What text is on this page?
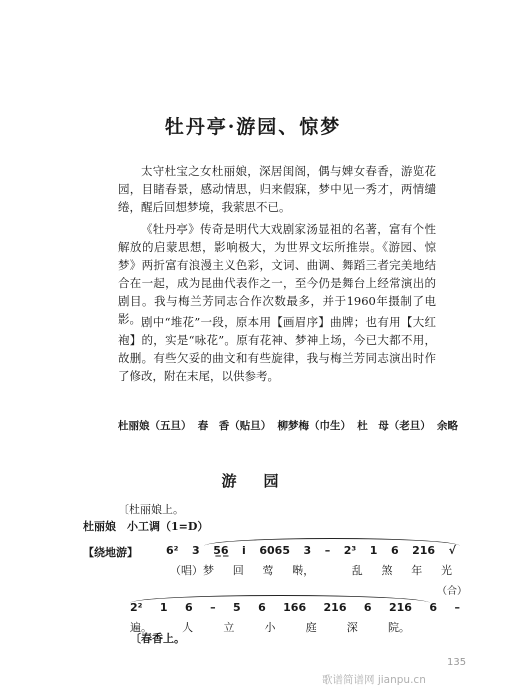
牡丹亭·游园、惊梦

太守杜宝之女杜丽娘，深居闺阁，偶与婢女春香，游览花园，目睹春景，感动情思，归来假寐，梦中见一秀才，两情缱绻，醒后回想梦境，我萦思不已。

《牡丹亭》传奇是明代大戏剧家汤显祖的名著，富有个性解放的启蒙思想，影响极大，为世界文坛所推崇。《游园、惊梦》两折富有浪漫主义色彩，文词、曲调、舞蹈三者完美地结合在一起，成为昆曲代表作之一，至今仍是舞台上经常演出的剧目。我与梅兰芳同志合作次数最多，并于1960年摄制了电影。 剧中“堆花”一段，原本用【画眉序】曲牌；也有用【大红袍】的，实是“咏花”。原有花神、梦神上场，今已大都不用，故删。有些欠妥的曲文和有些旋律，我与梅兰芳同志演出时作了修改，附在末尾，以供参考。

杜丽娘（五旦） 春　香（贴旦） 柳梦梅（巾生） 杜　母（老旦） 余略
游　园
〔杜丽娘上。
杜丽娘 小工调（1=D）
【绕地游】	6² 3 5̲6̲ i 6065 3 – 2³ 1 6 216 √
（唱）梦 回 莺 啭，	乱 煞 年 光
（合）
2² 1 6 – 5 6 166 216 6 216 6 –
遍。	人	立	小	庭	深	院。
〔春香上。
135
歌谱简谱网 jianpu.cn
